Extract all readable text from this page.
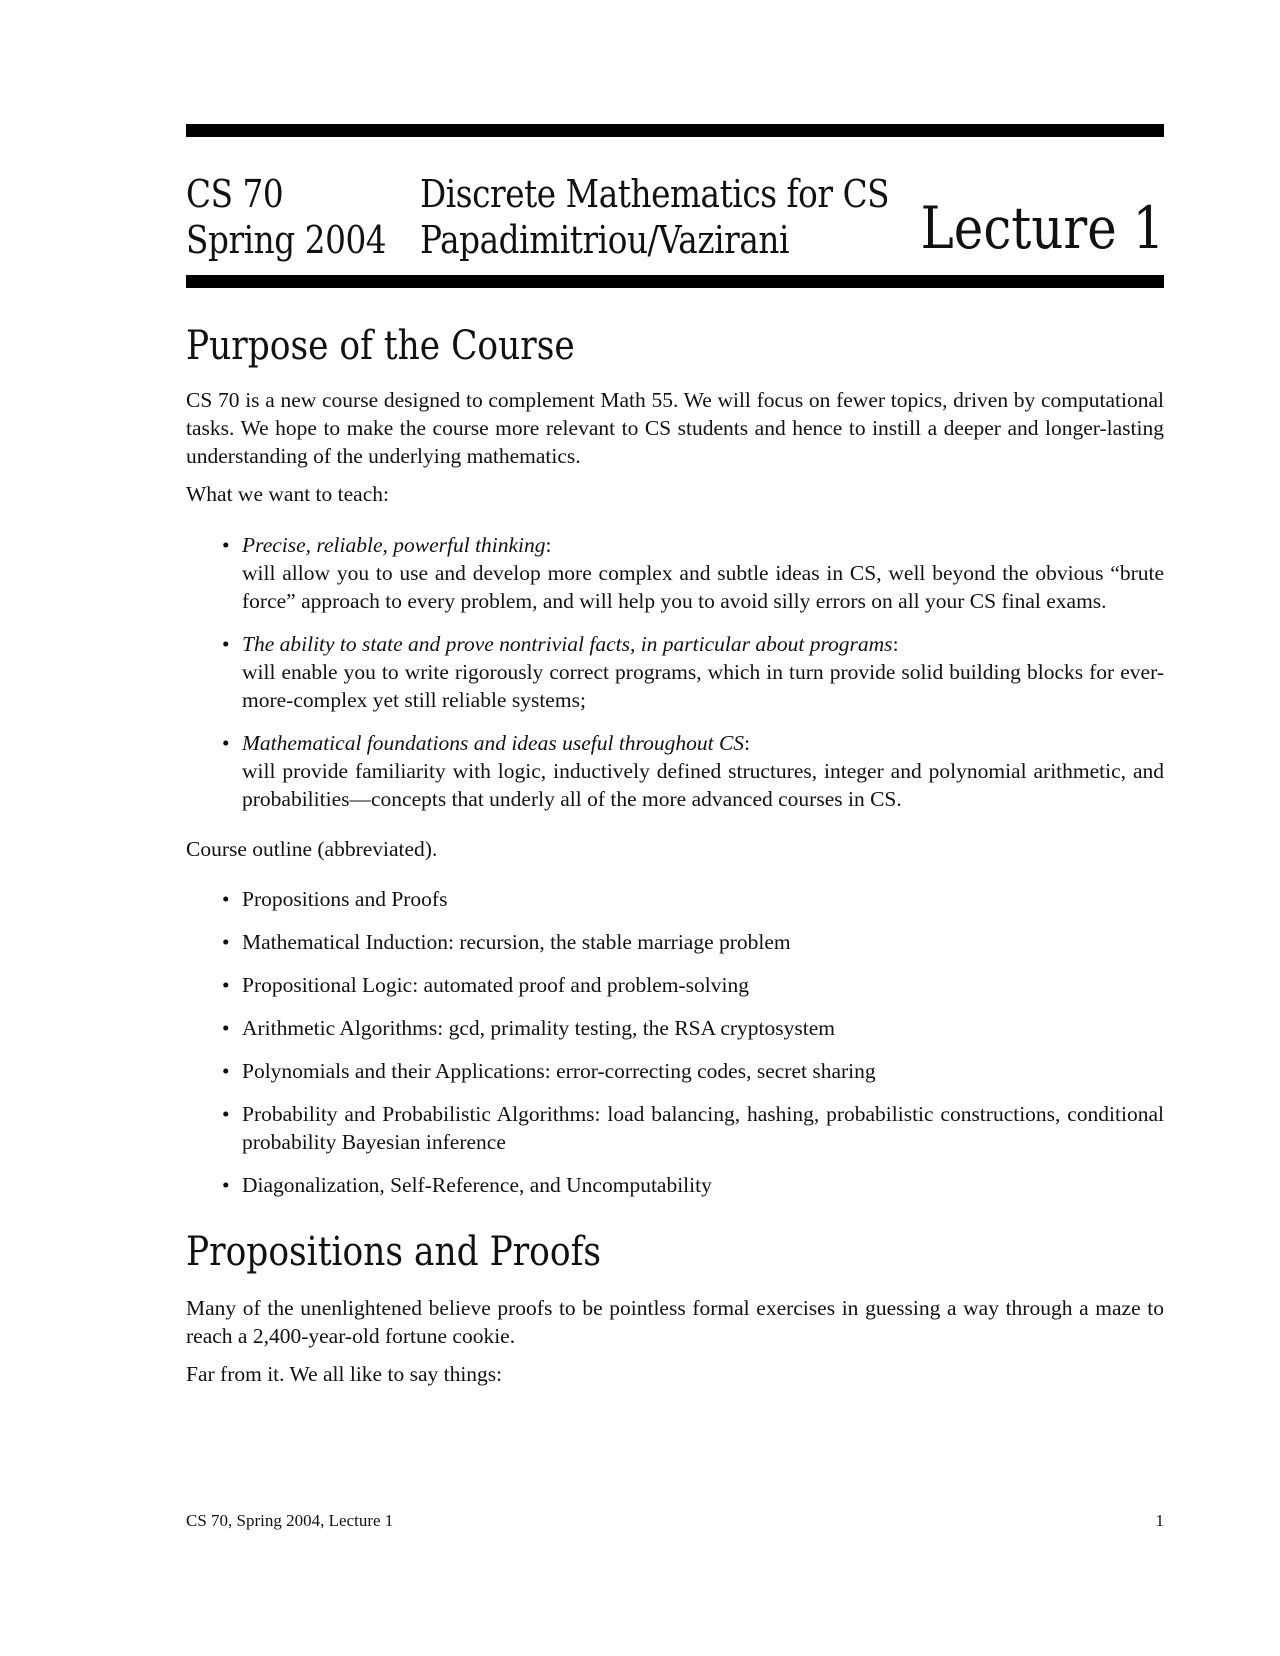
CS 70
Spring 2004
Discrete Mathematics for CS
Papadimitriou/Vazirani Lecture 1
Purpose of the Course

CS 70 is a new course designed to complement Math 55. We will focus on fewer topics, driven by computational tasks. We hope to make the course more relevant to CS students and hence to instill a deeper and longer-lasting understanding of the underlying mathematics.

What we want to teach:

• Precise, reliable, powerful thinking:
will allow you to use and develop more complex and subtle ideas in CS, well beyond the obvious “brute force” approach to every problem, and will help you to avoid silly errors on all your CS final exams.
• The ability to state and prove nontrivial facts, in particular about programs:
will enable you to write rigorously correct programs, which in turn provide solid building blocks for ever-more-complex yet still reliable systems;
• Mathematical foundations and ideas useful throughout CS:
will provide familiarity with logic, inductively defined structures, integer and polynomial arithmetic, and probabilities—concepts that underly all of the more advanced courses in CS.

Course outline (abbreviated).

• Propositions and Proofs
• Mathematical Induction: recursion, the stable marriage problem
• Propositional Logic: automated proof and problem-solving
• Arithmetic Algorithms: gcd, primality testing, the RSA cryptosystem
• Polynomials and their Applications: error-correcting codes, secret sharing
• Probability and Probabilistic Algorithms: load balancing, hashing, probabilistic constructions, conditional probability Bayesian inference
• Diagonalization, Self-Reference, and Uncomputability
Propositions and Proofs

Many of the unenlightened believe proofs to be pointless formal exercises in guessing a way through a maze to reach a 2,400-year-old fortune cookie.

Far from it. We all like to say things:

CS 70, Spring 2004, Lecture 1	1
